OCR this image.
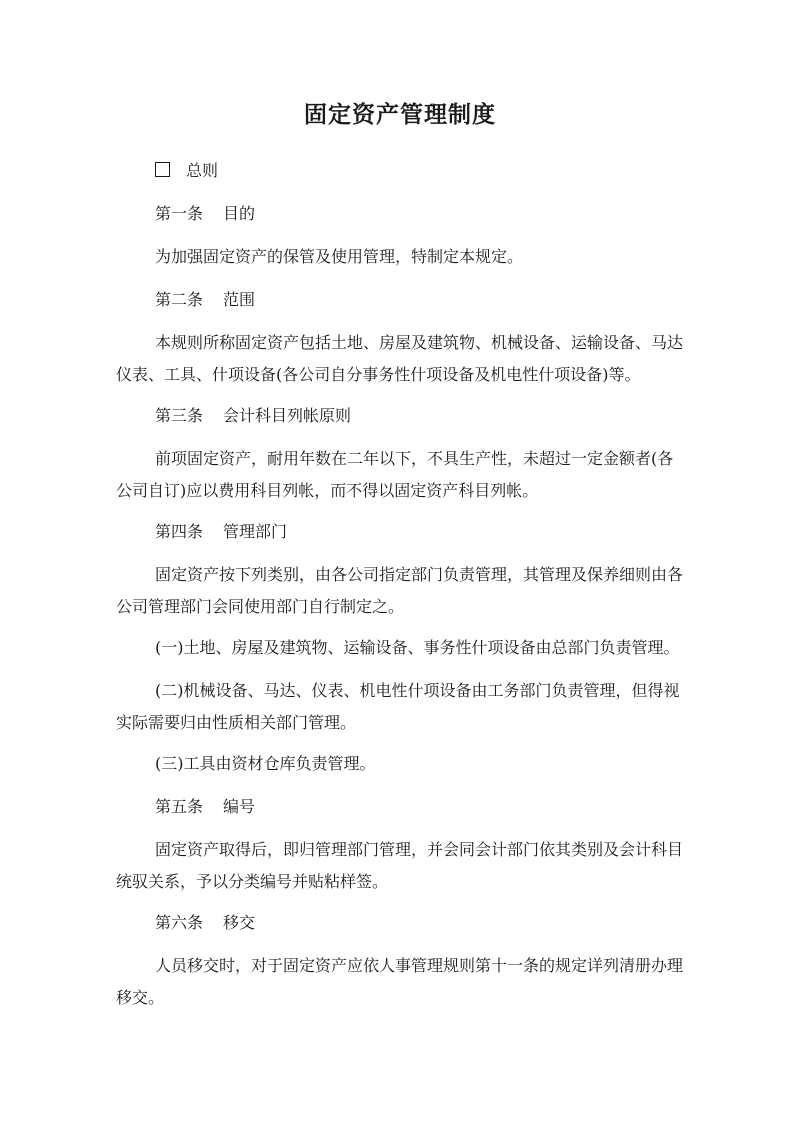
固定资产管理制度
总则
第一条 目的
为加强固定资产的保管及使用管理，特制定本规定。
第二条 范围
本规则所称固定资产包括土地、房屋及建筑物、机械设备、运输设备、马达
仪表、工具、什项设备(各公司自分事务性什项设备及机电性什项设备)等。
第三条 会计科目列帐原则
前项固定资产，耐用年数在二年以下，不具生产性，未超过一定金额者(各
公司自订)应以费用科目列帐，而不得以固定资产科目列帐。
第四条 管理部门
固定资产按下列类别，由各公司指定部门负责管理，其管理及保养细则由各
公司管理部门会同使用部门自行制定之。
(一)土地、房屋及建筑物、运输设备、事务性什项设备由总部门负责管理。
(二)机械设备、马达、仪表、机电性什项设备由工务部门负责管理，但得视
实际需要归由性质相关部门管理。
(三)工具由资材仓库负责管理。
第五条 编号
固定资产取得后，即归管理部门管理，并会同会计部门依其类别及会计科目
统驭关系，予以分类编号并贴粘样签。
第六条 移交
人员移交时，对于固定资产应依人事管理规则第十一条的规定详列清册办理
移交。
